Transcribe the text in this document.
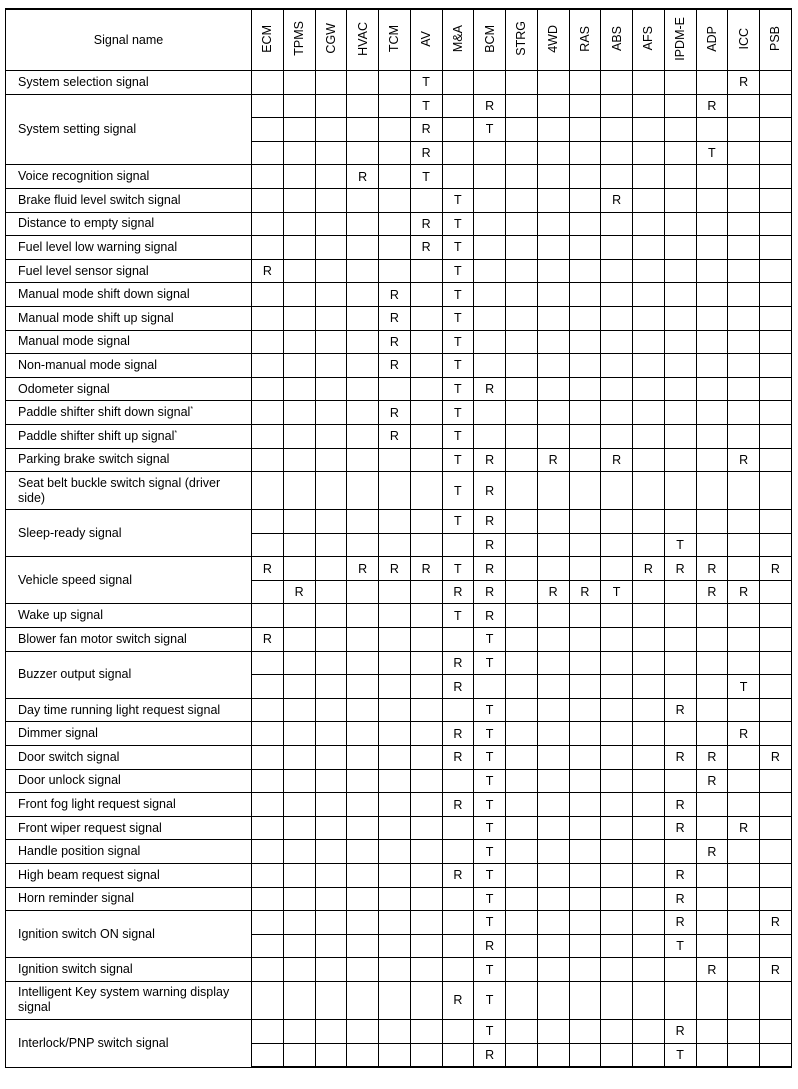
Signal name	ECM	TPMS	CGW	HVAC	TCM	AV	M&A	BCM	STRG	4WD	RAS	ABS	AFS	IPDM-E	ADP	ICC	PSB
System selection signal						T										R	
System setting signal						T		R							R		
						R		T									
						R									T		
Voice recognition signal				R		T											
Brake fluid level switch signal							T					R					
Distance to empty signal						R	T										
Fuel level low warning signal						R	T										
Fuel level sensor signal	R						T										
Manual mode shift down signal					R		T										
Manual mode shift up signal					R		T										
Manual mode signal					R		T										
Non-manual mode signal					R		T										
Odometer signal							T	R									
Paddle shifter shift down signal*					R		T										
Paddle shifter shift up signal*					R		T										
Parking brake switch signal							T	R		R		R				R	
Seat belt buckle switch signal (driver side)							T	R									
Sleep-ready signal							T	R									
								R						T			
Vehicle speed signal	R			R	R	R	T	R					R	R	R		R
		R					R	R		R	R	T			R	R	
Wake up signal							T	R									
Blower fan motor switch signal	R							T									
Buzzer output signal							R	T									
							R									T	
Day time running light request signal								T						R			
Dimmer signal							R	T								R	
Door switch signal							R	T						R	R		R
Door unlock signal								T							R		
Front fog light request signal							R	T						R			
Front wiper request signal								T						R		R	
Handle position signal								T							R		
High beam request signal							R	T						R			
Horn reminder signal								T						R			
Ignition switch ON signal								T						R			R
								R						T			
Ignition switch signal								T							R		R
Intelligent Key system warning display signal							R	T									
Interlock/PNP switch signal								T						R			
								R						T			
